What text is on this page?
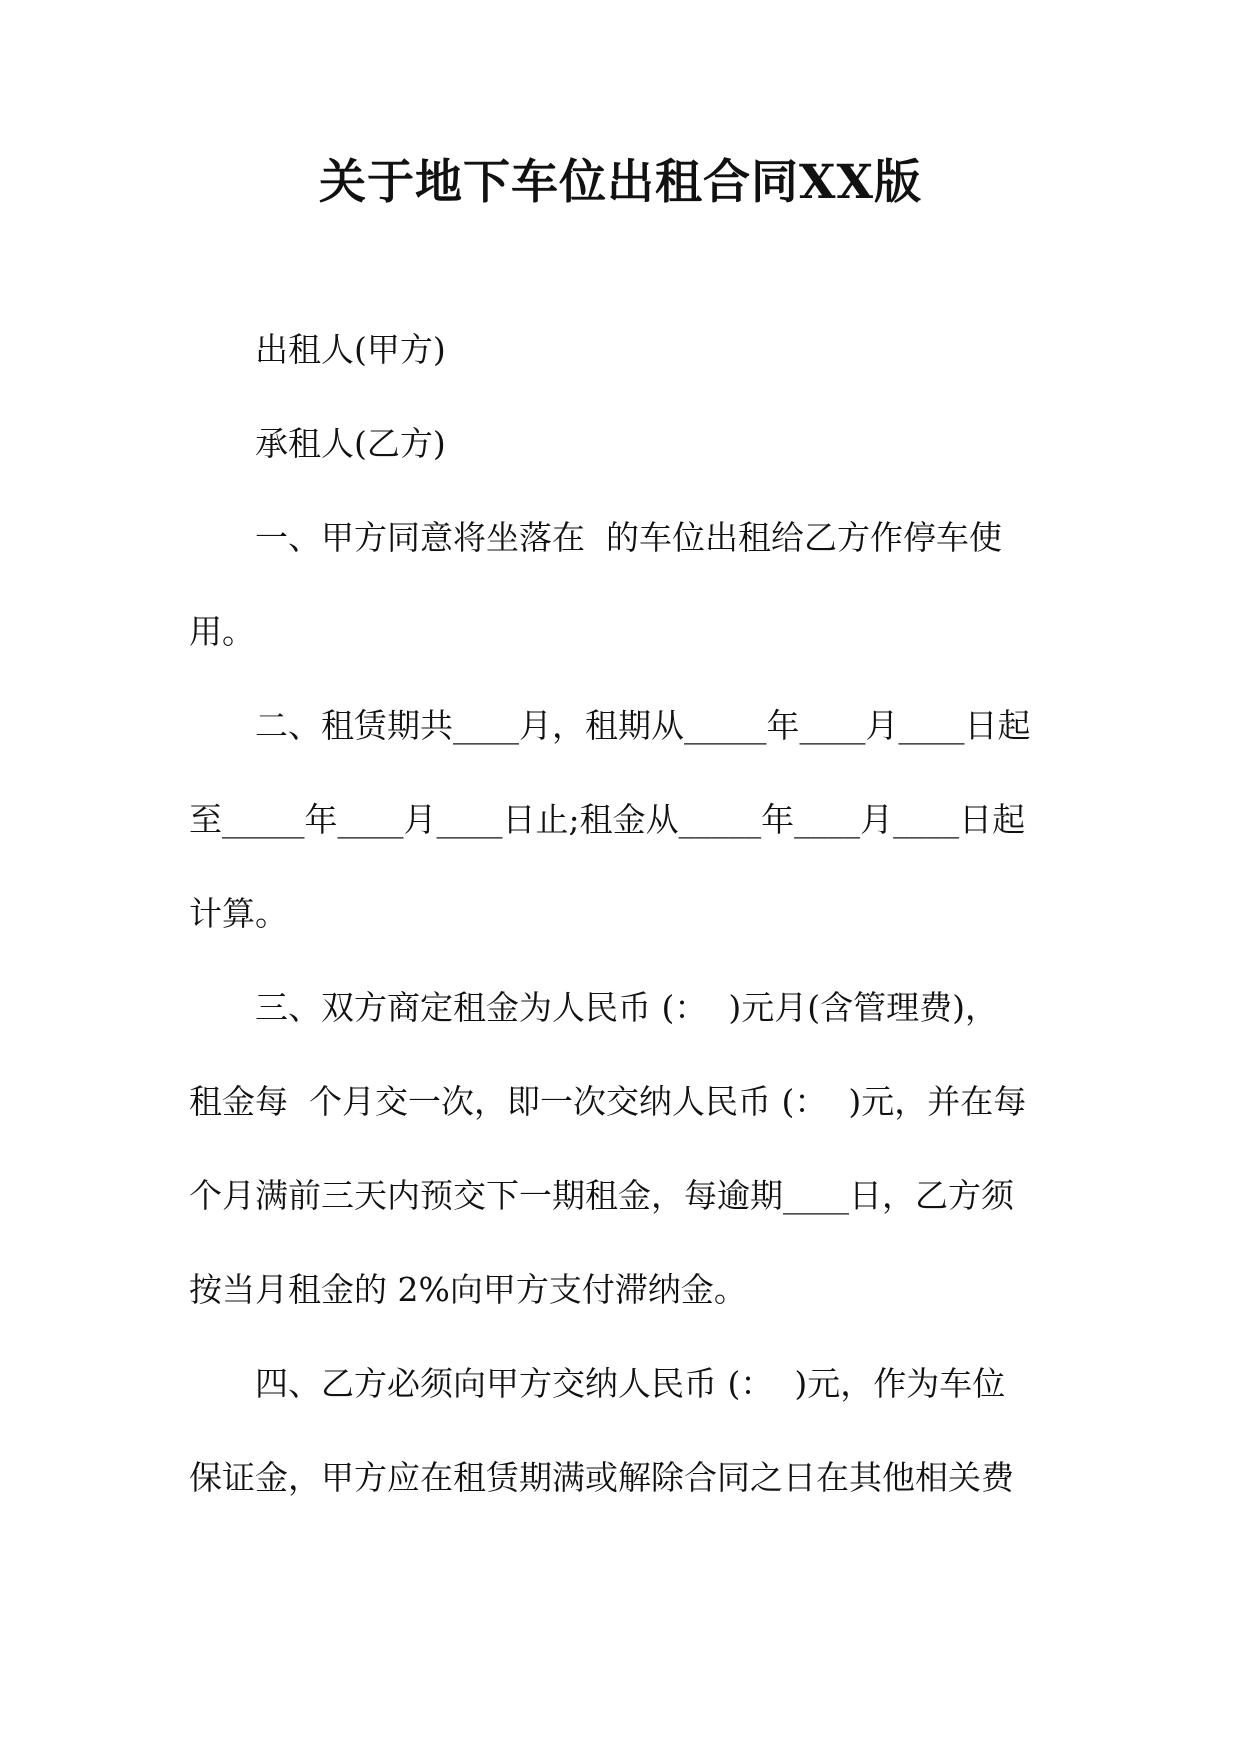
关于地下车位出租合同XX版
出租人(甲方)
承租人(乙方)
一、甲方同意将坐落在  的车位出租给乙方作停车使
用。
二、租赁期共____月，租期从_____年____月____日起
至_____年____月____日止;租金从_____年____月____日起
计算。
三、双方商定租金为人民币 (：  )元月(含管理费)，
租金每  个月交一次，即一次交纳人民币 (：  )元，并在每
个月满前三天内预交下一期租金，每逾期____日，乙方须
按当月租金的 2%向甲方支付滞纳金。
四、乙方必须向甲方交纳人民币 (：  )元，作为车位
保证金，甲方应在租赁期满或解除合同之日在其他相关费
